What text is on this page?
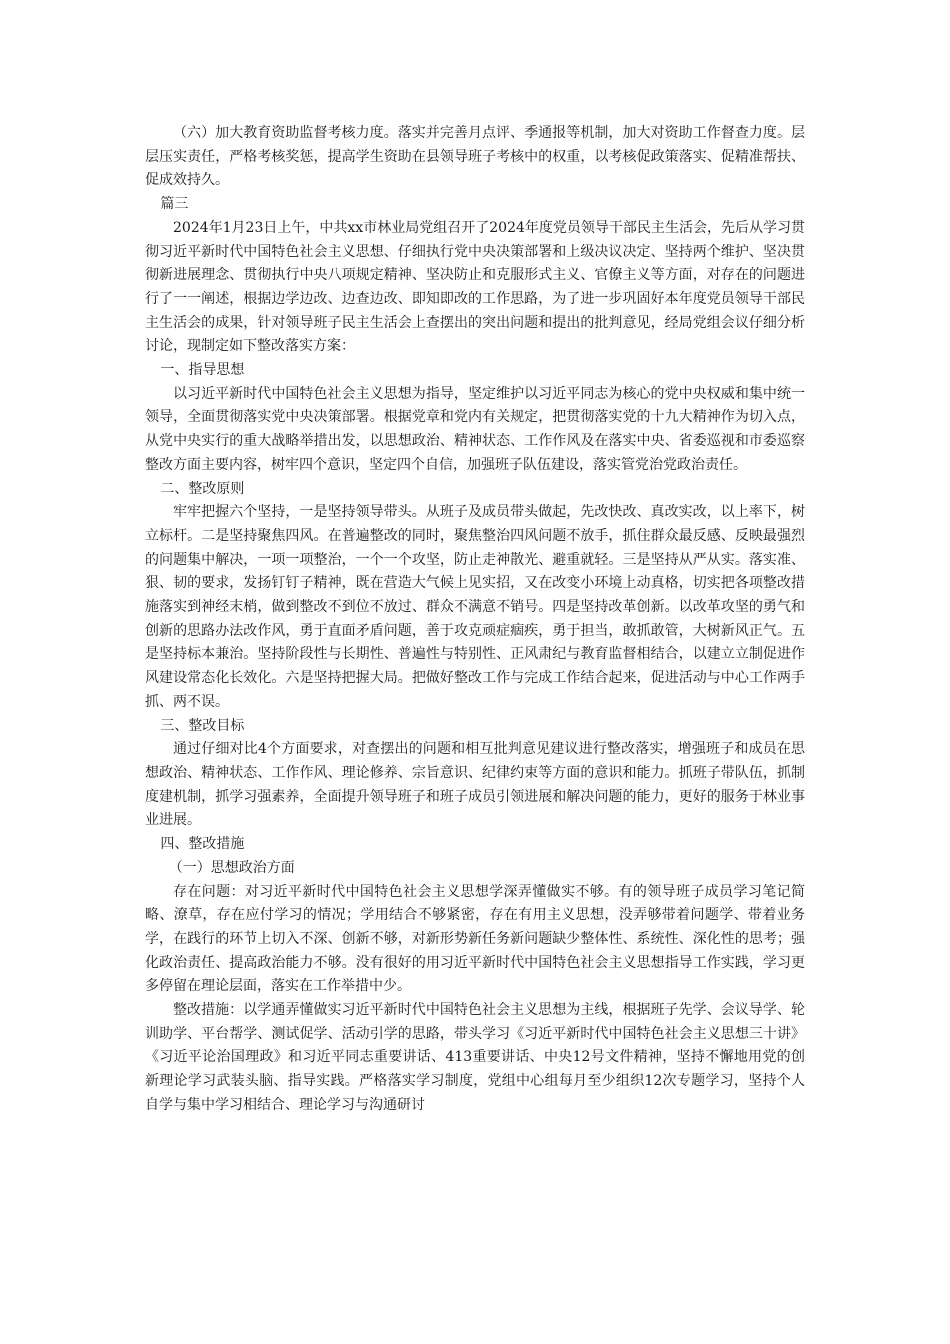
（六）加大教育资助监督考核力度。落实并完善月点评、季通报等机制，加大对资助工作督查力度。层层压实责任，严格考核奖惩，提高学生资助在县领导班子考核中的权重，以考核促政策落实、促精准帮扶、促成效持久。

篇三

2024年1月23日上午，中共xx市林业局党组召开了2024年度党员领导干部民主生活会，先后从学习贯彻习近平新时代中国特色社会主义思想、仔细执行党中央决策部署和上级决议决定、坚持两个维护、坚决贯彻新进展理念、贯彻执行中央八项规定精神、坚决防止和克服形式主义、官僚主义等方面，对存在的问题进行了一一阐述，根据边学边改、边查边改、即知即改的工作思路，为了进一步巩固好本年度党员领导干部民主生活会的成果，针对领导班子民主生活会上查摆出的突出问题和提出的批判意见，经局党组会议仔细分析讨论，现制定如下整改落实方案：

一、指导思想

以习近平新时代中国特色社会主义思想为指导，坚定维护以习近平同志为核心的党中央权威和集中统一领导，全面贯彻落实党中央决策部署。根据党章和党内有关规定，把贯彻落实党的十九大精神作为切入点，从党中央实行的重大战略举措出发，以思想政治、精神状态、工作作风及在落实中央、省委巡视和市委巡察整改方面主要内容，树牢四个意识，坚定四个自信，加强班子队伍建设，落实管党治党政治责任。

二、整改原则

牢牢把握六个坚持，一是坚持领导带头。从班子及成员带头做起，先改快改、真改实改，以上率下，树立标杆。二是坚持聚焦四风。在普遍整改的同时，聚焦整治四风问题不放手，抓住群众最反感、反映最强烈的问题集中解决，一项一项整治，一个一个攻坚，防止走神散光、避重就轻。三是坚持从严从实。落实准、狠、韧的要求，发扬钉钉子精神，既在营造大气候上见实招，又在改变小环境上动真格，切实把各项整改措施落实到神经末梢，做到整改不到位不放过、群众不满意不销号。四是坚持改革创新。以改革攻坚的勇气和创新的思路办法改作风，勇于直面矛盾问题，善于攻克顽症痼疾，勇于担当，敢抓敢管，大树新风正气。五是坚持标本兼治。坚持阶段性与长期性、普遍性与特别性、正风肃纪与教育监督相结合，以建立立制促进作风建设常态化长效化。六是坚持把握大局。把做好整改工作与完成工作结合起来，促进活动与中心工作两手抓、两不误。

三、整改目标

通过仔细对比4个方面要求，对查摆出的问题和相互批判意见建议进行整改落实，增强班子和成员在思想政治、精神状态、工作作风、理论修养、宗旨意识、纪律约束等方面的意识和能力。抓班子带队伍，抓制度建机制，抓学习强素养，全面提升领导班子和班子成员引领进展和解决问题的能力，更好的服务于林业事业进展。

四、整改措施

（一）思想政治方面

存在问题：对习近平新时代中国特色社会主义思想学深弄懂做实不够。有的领导班子成员学习笔记简略、潦草，存在应付学习的情况；学用结合不够紧密，存在有用主义思想，没弄够带着问题学、带着业务学，在践行的环节上切入不深、创新不够，对新形势新任务新问题缺少整体性、系统性、深化性的思考；强化政治责任、提高政治能力不够。没有很好的用习近平新时代中国特色社会主义思想指导工作实践，学习更多停留在理论层面，落实在工作举措中少。

整改措施：以学通弄懂做实习近平新时代中国特色社会主义思想为主线，根据班子先学、会议导学、轮训助学、平台帮学、测试促学、活动引学的思路，带头学习《习近平新时代中国特色社会主义思想三十讲》《习近平论治国理政》和习近平同志重要讲话、413重要讲话、中央12号文件精神，坚持不懈地用党的创新理论学习武装头脑、指导实践。严格落实学习制度，党组中心组每月至少组织12次专题学习，坚持个人自学与集中学习相结合、理论学习与沟通研讨
